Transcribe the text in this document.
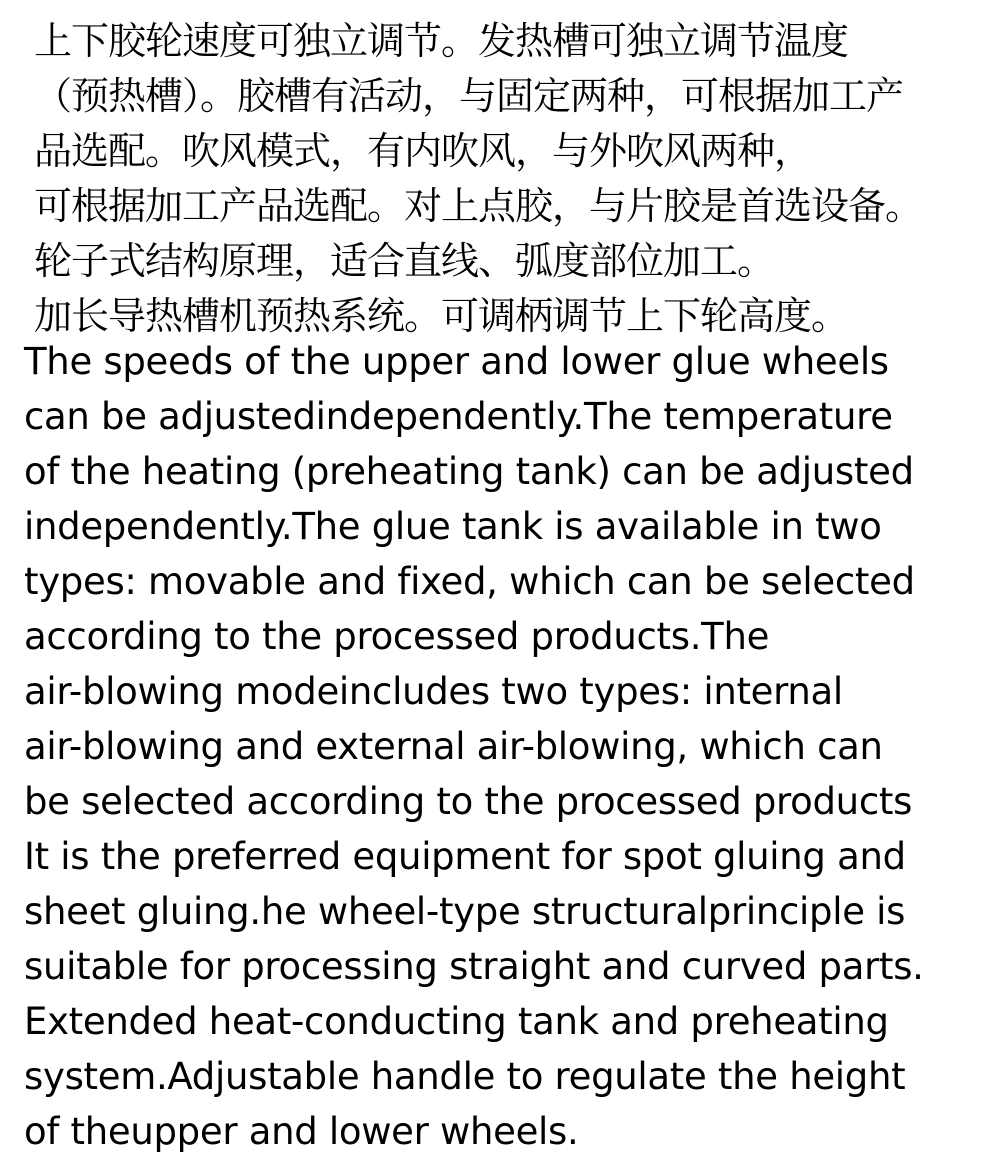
上下胶轮速度可独立调节。发热槽可独立调节温度
（预热槽）。胶槽有活动，与固定两种，可根据加工产
品选配。吹风模式，有内吹风，与外吹风两种，
可根据加工产品选配。对上点胶，与片胶是首选设备。
轮子式结构原理，适合直线、弧度部位加工。
加长导热槽机预热系统。可调柄调节上下轮高度。
The speeds of the upper and lower glue wheels
can be adjustedindependently.The temperature
of the heating (preheating tank) can be adjusted
independently.The glue tank is available in two
types: movable and fixed, which can be selected
according to the processed products.The
air-blowing modeincludes two types: internal
air-blowing and external air-blowing, which can
be selected according to the processed products
It is the preferred equipment for spot gluing and
sheet gluing.he wheel-type structuralprinciple is
suitable for processing straight and curved parts.
Extended heat-conducting tank and preheating
system.Adjustable handle to regulate the height
of theupper and lower wheels.
